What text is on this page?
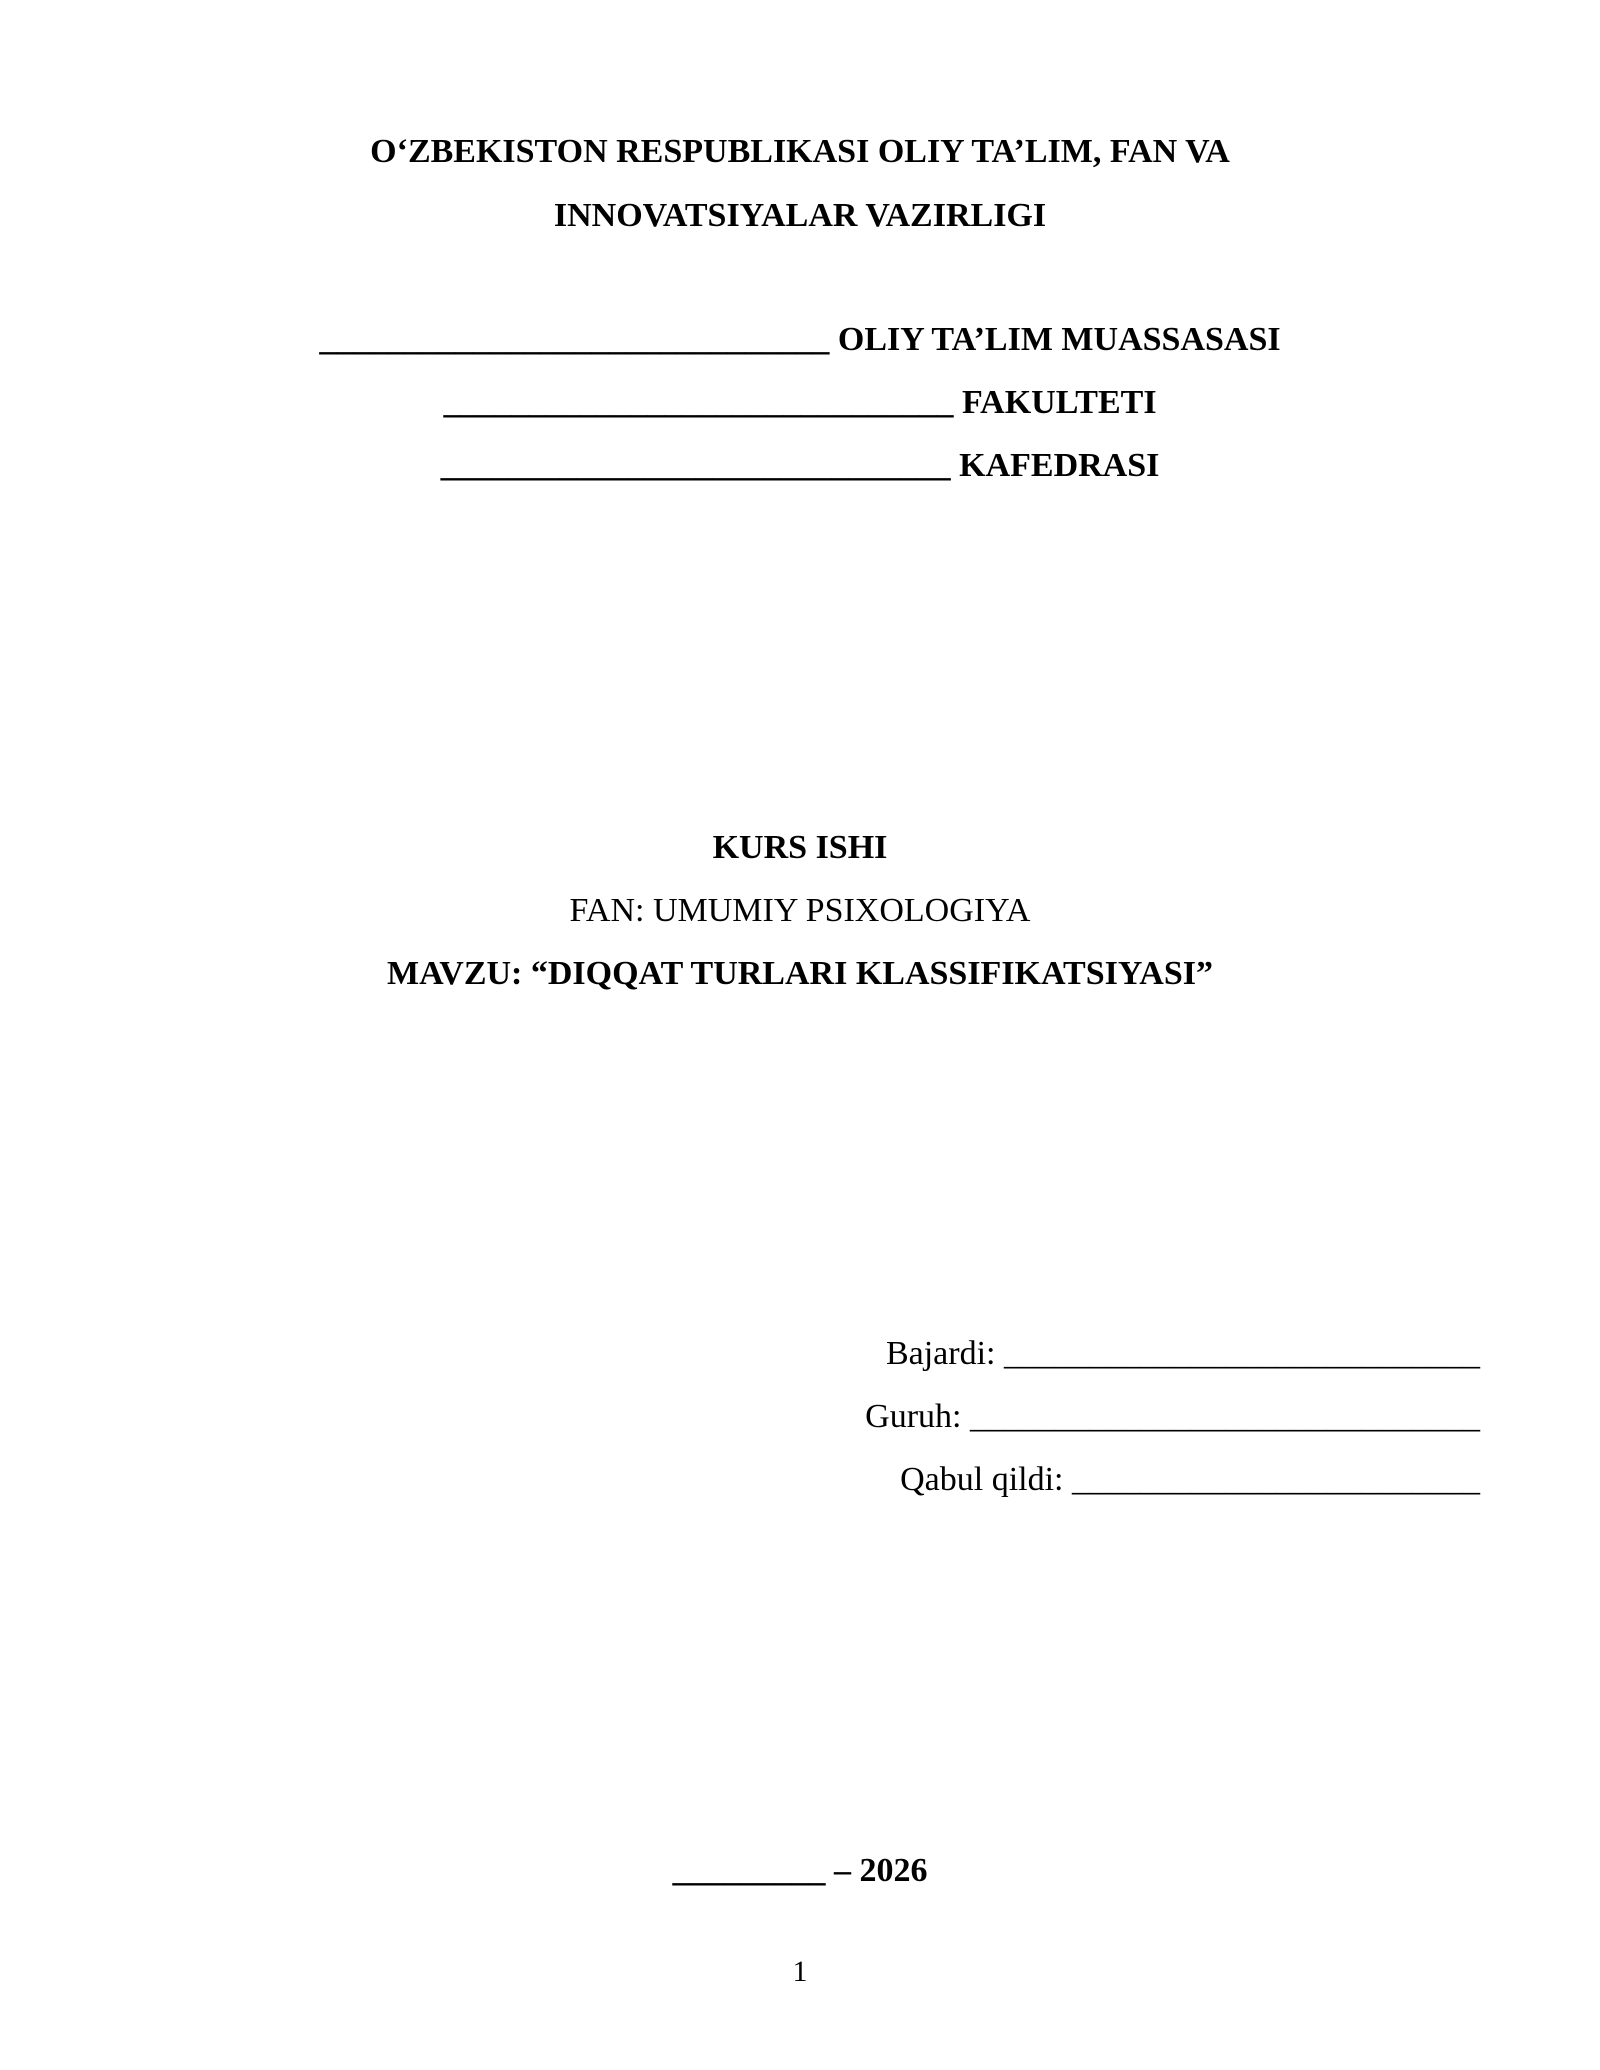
O‘ZBEKISTON RESPUBLIKASI OLIY TA’LIM, FAN VA
INNOVATSIYALAR VAZIRLIGI
______________________________ OLIY TA’LIM MUASSASASI
______________________________ FAKULTETI
______________________________ KAFEDRASI
KURS ISHI
FAN: UMUMIY PSIXOLOGIYA
MAVZU: “DIQQAT TURLARI KLASSIFIKATSIYASI”
Bajardi: ____________________________
Guruh: ______________________________
Qabul qildi: ________________________
_________ – 2026
1
